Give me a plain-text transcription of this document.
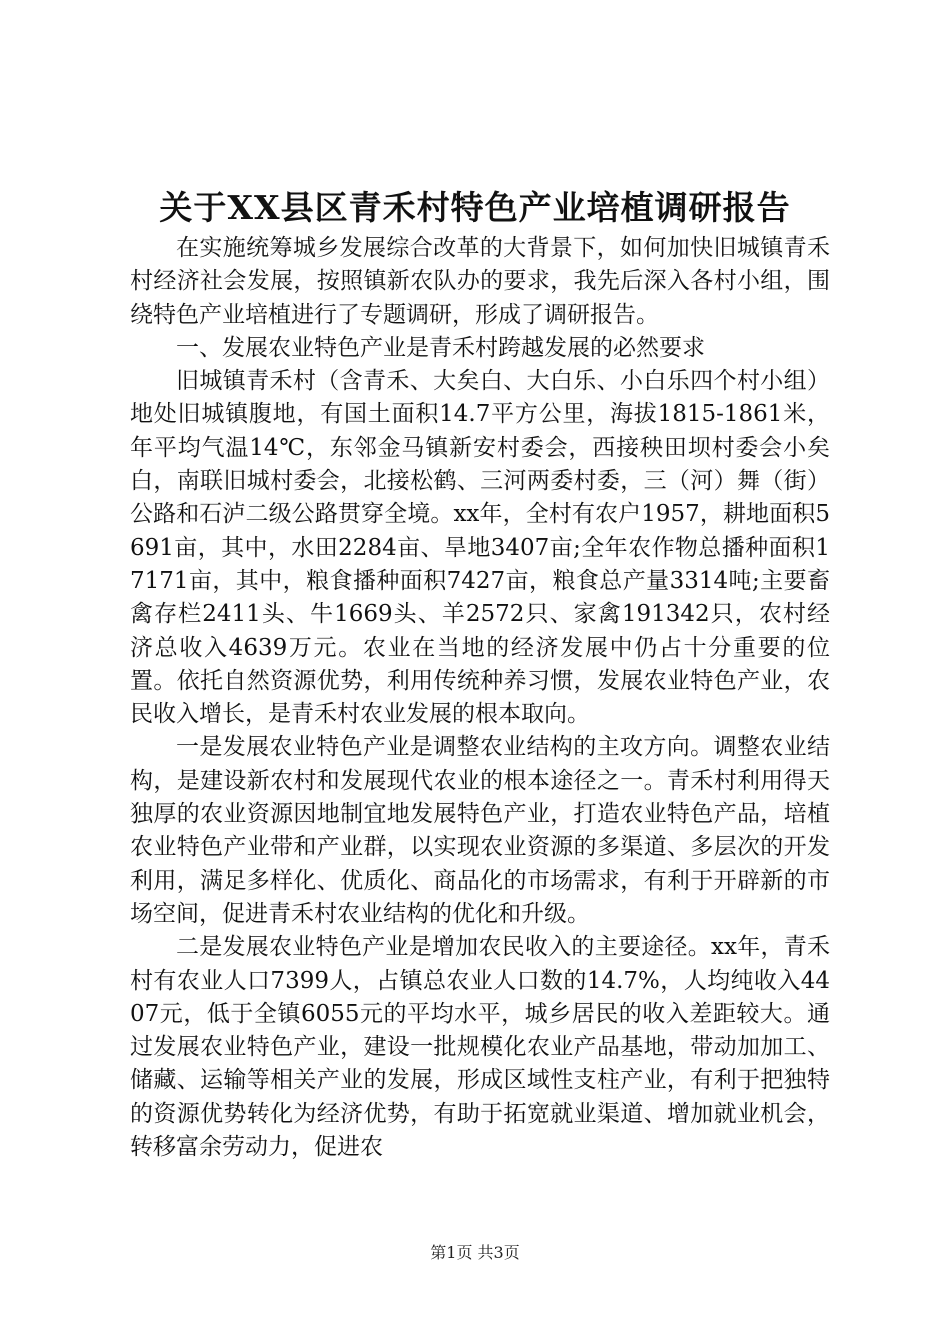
关于XX县区青禾村特色产业培植调研报告

在实施统筹城乡发展综合改革的大背景下，如何加快旧城镇青禾村经济社会发展，按照镇新农队办的要求，我先后深入各村小组，围绕特色产业培植进行了专题调研，形成了调研报告。

一、发展农业特色产业是青禾村跨越发展的必然要求

旧城镇青禾村（含青禾、大矣白、大白乐、小白乐四个村小组）地处旧城镇腹地，有国土面积14.7平方公里，海拔1815-1861米，年平均气温14℃，东邻金马镇新安村委会，西接秧田坝村委会小矣白，南联旧城村委会，北接松鹤、三河两委村委，三（河）舞（街）公路和石泸二级公路贯穿全境。xx年，全村有农户1957，耕地面积5691亩，其中，水田2284亩、旱地3407亩;全年农作物总播种面积17171亩，其中，粮食播种面积7427亩，粮食总产量3314吨;主要畜禽存栏2411头、牛1669头、羊2572只、家禽191342只，农村经济总收入4639万元。农业在当地的经济发展中仍占十分重要的位置。依托自然资源优势，利用传统种养习惯，发展农业特色产业，农民收入增长，是青禾村农业发展的根本取向。

一是发展农业特色产业是调整农业结构的主攻方向。调整农业结构，是建设新农村和发展现代农业的根本途径之一。青禾村利用得天独厚的农业资源因地制宜地发展特色产业，打造农业特色产品，培植农业特色产业带和产业群，以实现农业资源的多渠道、多层次的开发利用，满足多样化、优质化、商品化的市场需求，有利于开辟新的市场空间，促进青禾村农业结构的优化和升级。

二是发展农业特色产业是增加农民收入的主要途径。xx年，青禾村有农业人口7399人，占镇总农业人口数的14.7%，人均纯收入4407元，低于全镇6055元的平均水平，城乡居民的收入差距较大。通过发展农业特色产业，建设一批规模化农业产品基地，带动加加工、储藏、运输等相关产业的发展，形成区域性支柱产业，有利于把独特的资源优势转化为经济优势，有助于拓宽就业渠道、增加就业机会，转移富余劳动力，促进农

第1页 共3页
